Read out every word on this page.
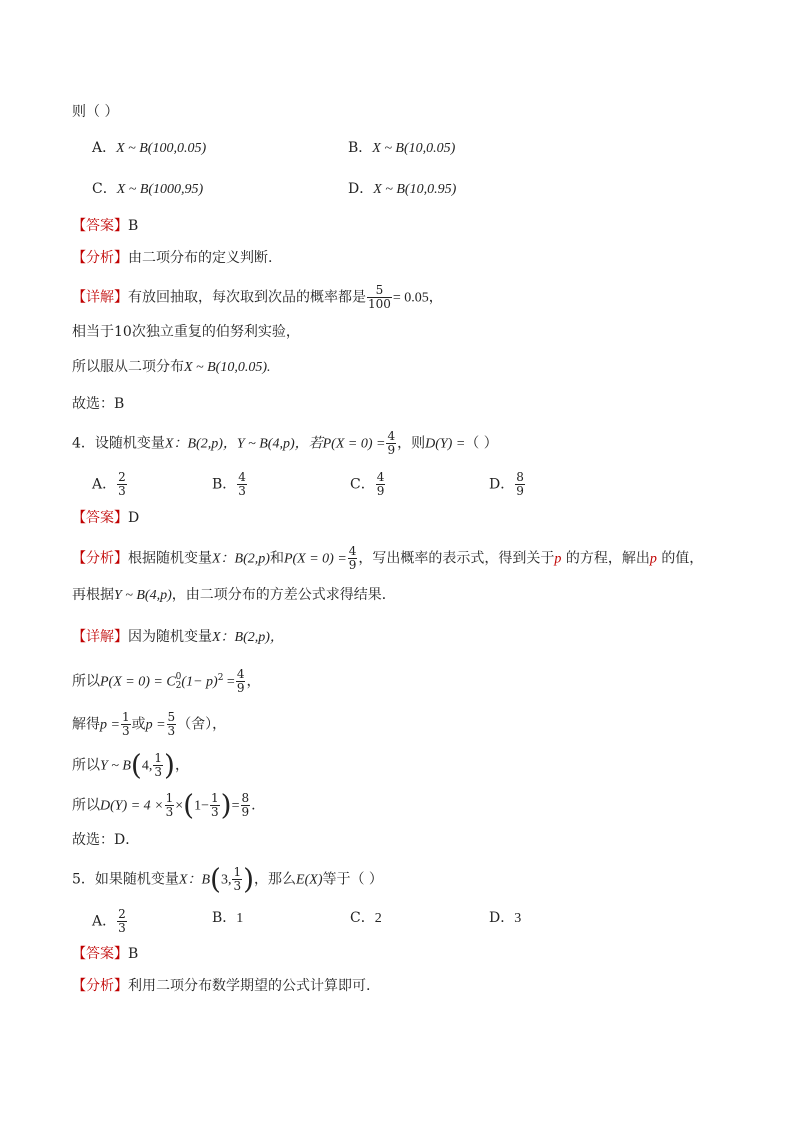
则（ ）
A．X ~ B(100,0.05)	B．X ~ B(10,0.05)
C．X ~ B(1000,95)	D．X ~ B(10,0.95)
【答案】B
【分析】由二项分布的定义判断.
【详解】有放回抽取，每次取到次品的概率都是 $\frac{5}{100} = 0.05$，
相当于10次独立重复的伯努利实验，
所以服从二项分布X ~ B(10,0.05).
故选：B
4．设随机变量X：B(2,p)，Y ~ B(4,p)，若$P(X = 0) = \frac{4}{9}$ ，则D(Y) =（ ）
A． $\frac{2}{3}$	B． $\frac{4}{3}$	C． $\frac{4}{9}$	D． $\frac{8}{9}$
【答案】D
【分析】根据随机变量X：B(2,p)和$P(X = 0) = \frac{4}{9}$ ，写出概率的表示式，得到关于p 的方程，解出p 的值，
再根据Y ~ B(4,p)，由二项分布的方差公式求得结果．
【详解】因为随机变量X：B(2,p)，
所以P(X = 0) = C 0
2 $(1- p)^2 = \frac{4}{9}$ ，
解得$p = \frac{1}{3}$ 或$p = \frac{5}{3}$ （舍），
所以Y ~ B(4, $\frac{1}{3}$ )，
所以$D(Y) = 4 \times \frac{1}{3} \times(1- \frac{1}{3}$ )= $\frac{8}{9}$ .
故选：D．
5．如果随机变量X：B(3, $\frac{1}{3}$ )，那么E(X)等于（ ）
A． $\frac{2}{3}$	B．1	C．2	D．3
【答案】B
【分析】利用二项分布数学期望的公式计算即可.
